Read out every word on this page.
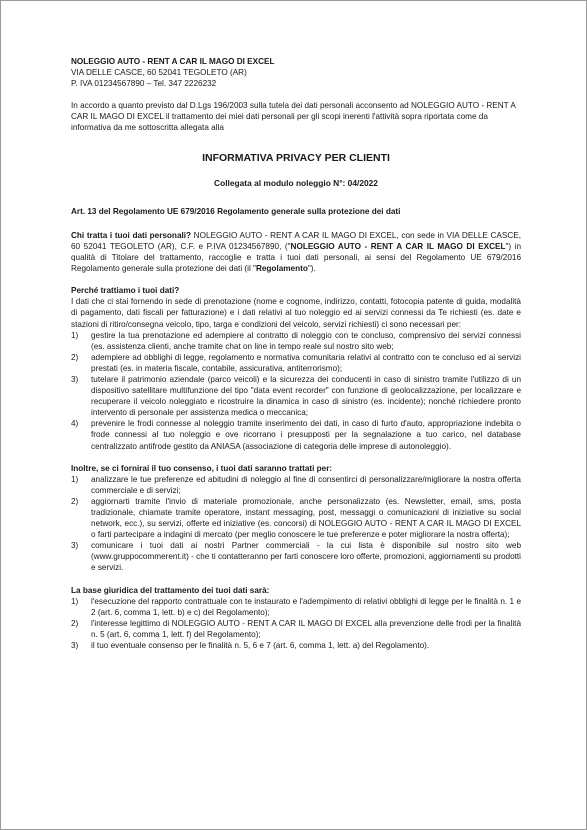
NOLEGGIO AUTO - RENT A CAR IL MAGO DI EXCEL

VIA DELLE CASCE, 60 52041 TEGOLETO (AR)

P. IVA 01234567890 – Tel. 347 2226232

In accordo a quanto previsto dal D.Lgs 196/2003 sulla tutela dei dati personali acconsento ad NOLEGGIO AUTO - RENT A CAR IL MAGO DI EXCEL il trattamento dei miei dati personali per gli scopi inerenti l'attività sopra riportata come da informativa da me sottoscritta allegata alla

INFORMATIVA PRIVACY PER CLIENTI

Collegata al modulo noleggio N°: 04/2022

Art. 13 del Regolamento UE 679/2016 Regolamento generale sulla protezione dei dati

Chi tratta i tuoi dati personali? NOLEGGIO AUTO - RENT A CAR IL MAGO DI EXCEL, con sede in VIA DELLE CASCE, 60 52041 TEGOLETO (AR), C.F. e P.IVA 01234567890, ("NOLEGGIO AUTO - RENT A CAR IL MAGO DI EXCEL") in qualità di Titolare del trattamento, raccoglie e tratta i tuoi dati personali, ai sensi del Regolamento UE 679/2016 Regolamento generale sulla protezione dei dati (il "Regolamento").

Perché trattiamo i tuoi dati?

I dati che ci stai fornendo in sede di prenotazione (nome e cognome, indirizzo, contatti, fotocopia patente di guida, modalità di pagamento, dati fiscali per fatturazione) e i dati relativi al tuo noleggio ed ai servizi connessi da Te richiesti (es. date e stazioni di ritiro/consegna veicolo, tipo, targa e condizioni del veicolo, servizi richiesti) ci sono necessari per:

1)	gestire la tua prenotazione ed adempiere al contratto di noleggio con te concluso, comprensivo dei servizi connessi (es. assistenza clienti, anche tramite chat on line in tempo reale sul nostro sito web;
2)	adempiere ad obblighi di legge, regolamento e normativa comunitaria relativi al contratto con te concluso ed ai servizi prestati (es. in materia fiscale, contabile, assicurativa, antiterrorismo);
3)	tutelare il patrimonio aziendale (parco veicoli) e la sicurezza dei conducenti in caso di sinistro tramite l'utilizzo di un dispositivo satellitare multifunzione del tipo "data event recorder" con funzione di geolocalizzazione, per localizzare e recuperare il veicolo noleggiato e ricostruire la dinamica in caso di sinistro (es. incidente); nonché richiedere pronto intervento di personale per assistenza medica o meccanica;
4)	prevenire le frodi connesse al noleggio tramite inserimento dei dati, in caso di furto d'auto, appropriazione indebita o frode connessi al tuo noleggio e ove ricorrano i presupposti per la segnalazione a tuo carico, nel database centralizzato antifrode gestito da ANIASA (associazione di categoria delle imprese di autonoleggio).

Inoltre, se ci fornirai il tuo consenso, i tuoi dati saranno trattati per:

1)	analizzare le tue preferenze ed abitudini di noleggio al fine di consentirci di personalizzare/migliorare la nostra offerta commerciale e di servizi;
2)	aggiornarti tramite l'invio di materiale promozionale, anche personalizzato (es. Newsletter, email, sms, posta tradizionale, chiamate tramite operatore, instant messaging, post, messaggi o comunicazioni di iniziative su social network, ecc.), su servizi, offerte ed iniziative (es. concorsi) di NOLEGGIO AUTO - RENT A CAR IL MAGO DI EXCEL o farti partecipare a indagini di mercato (per meglio conoscere le tue preferenze e poter migliorare la nostra offerta);
3)	comunicare i tuoi dati ai nostri Partner commerciali - la cui lista è disponibile sul nostro sito web (www.gruppocommerent.it) - che ti contatteranno per farti conoscere loro offerte, promozioni, aggiornamenti su prodotti e servizi.

La base giuridica del trattamento dei tuoi dati sarà:

1)	l'esecuzione del rapporto contrattuale con te instaurato e l'adempimento di relativi obblighi di legge per le finalità n. 1 e 2 (art. 6, comma 1, lett. b) e c) del Regolamento);
2)	l'interesse legittimo di NOLEGGIO AUTO - RENT A CAR IL MAGO DI EXCEL alla prevenzione delle frodi per la finalità n. 5 (art. 6, comma 1, lett. f) del Regolamento);
3)	il tuo eventuale consenso per le finalità n. 5, 6 e 7 (art. 6, comma 1, lett. a) del Regolamento).
